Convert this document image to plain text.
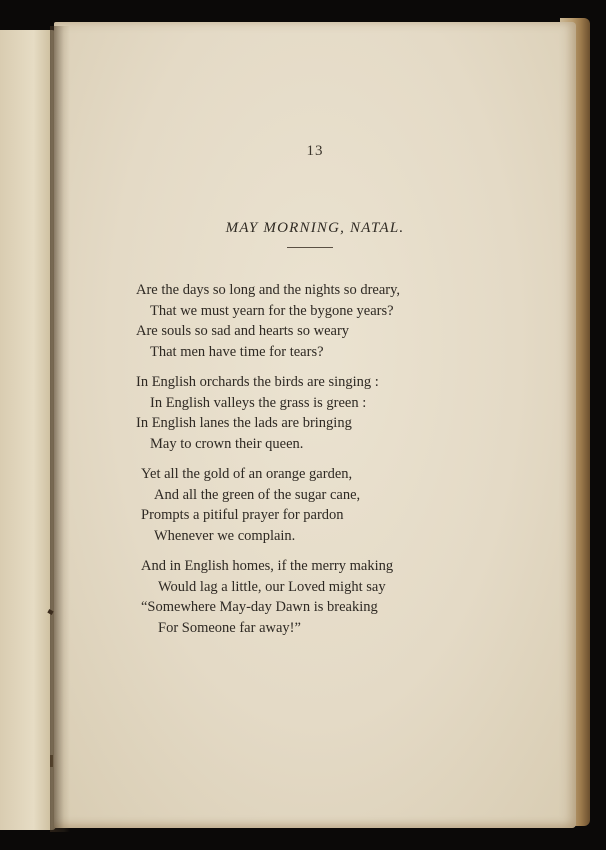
13
MAY MORNING, NATAL.
Are the days so long and the nights so dreary,
That we must yearn for the bygone years?
Are souls so sad and hearts so weary
That men have time for tears?
In English orchards the birds are singing :
In English valleys the grass is green :
In English lanes the lads are bringing
May to crown their queen.
Yet all the gold of an orange garden,
And all the green of the sugar cane,
Prompts a pitiful prayer for pardon
Whenever we complain.
And in English homes, if the merry making
Would lag a little, our Loved might say
“Somewhere May-day Dawn is breaking
For Someone far away!”
